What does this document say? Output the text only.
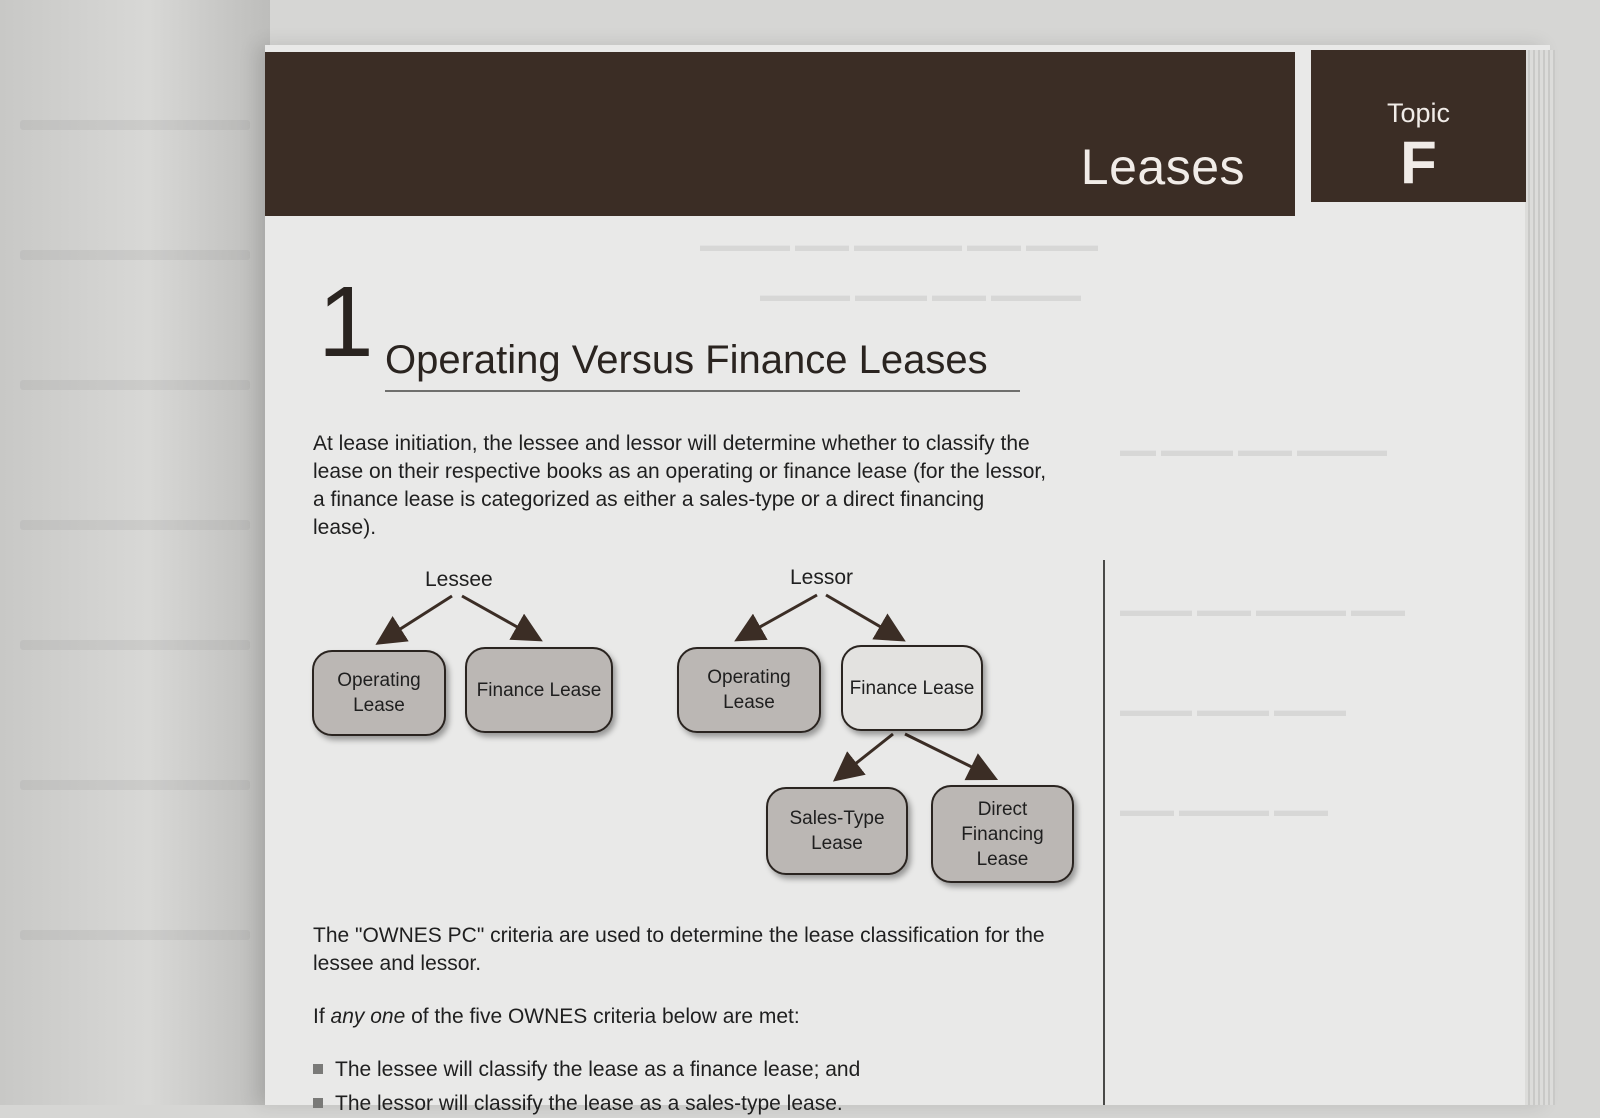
▬▬▬▬ ▬▬▬ ▬▬▬▬▬▬ ▬▬▬ ▬▬▬▬▬
▬▬▬▬▬ ▬▬▬ ▬▬▬▬ ▬▬▬▬▬
▬▬▬▬▬ ▬▬▬ ▬▬▬▬ ▬▬
▬▬▬ ▬▬▬▬▬ ▬▬▬ ▬▬▬▬
▬▬▬▬ ▬▬▬▬ ▬▬▬▬
▬▬▬ ▬▬▬▬▬ ▬▬▬
Leases
Topic
F
1 Operating Versus Finance Leases
At lease initiation, the lessee and lessor will determine whether to classify the lease on their respective books as an operating or finance lease (for the lessor, a finance lease is categorized as either a sales-type or a direct financing lease).
Lessee	Lessor
Operating Lease
Finance Lease
Operating Lease
Finance Lease
Sales-Type Lease
Direct Financing Lease
The "OWNES PC" criteria are used to determine the lease classification for the lessee and lessor.
If any one of the five OWNES criteria below are met:
The lessee will classify the lease as a finance lease; and
The lessor will classify the lease as a sales-type lease.
